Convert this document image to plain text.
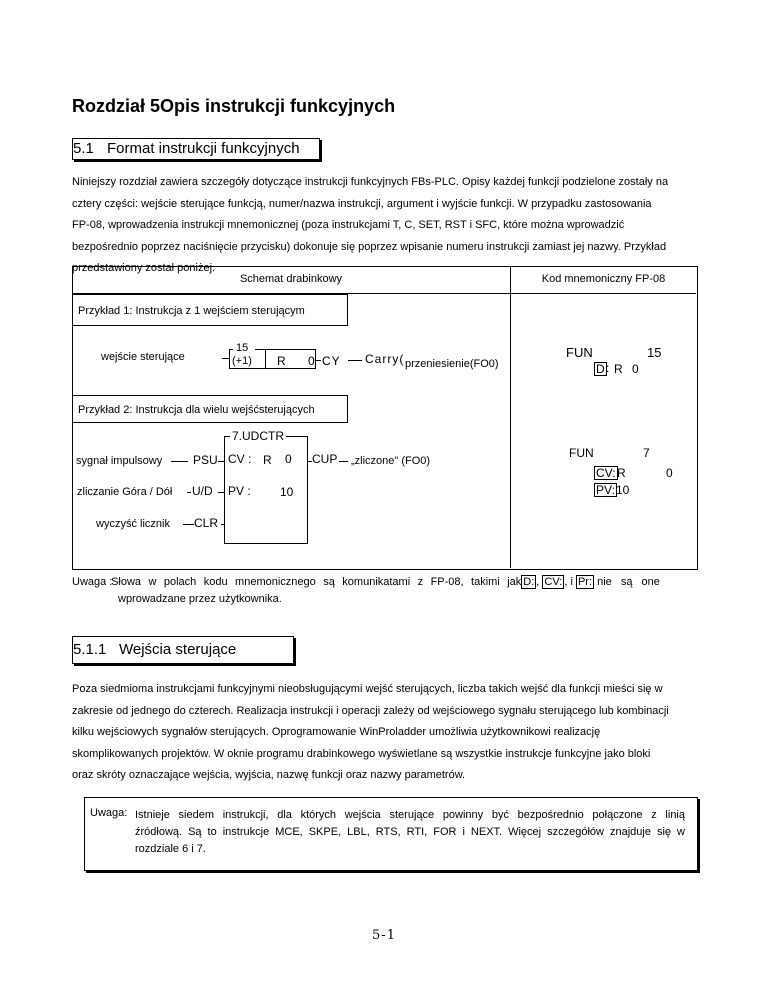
Rozdział 5Opis instrukcji funkcyjnych
5.1 Format instrukcji funkcyjnych
Niniejszy rozdział zawiera szczegóły dotyczące instrukcji funkcyjnych FBs-PLC. Opisy każdej funkcji podzielone zostały na
cztery części: wejście sterujące funkcją, numer/nazwa instrukcji, argument i wyjście funkcji. W przypadku zastosowania
FP-08, wprowadzenia instrukcji mnemonicznej (poza instrukcjami T, C, SET, RST i SFC, które można wprowadzić
bezpośrednio poprzez naciśnięcie przycisku) dokonuje się poprzez wpisanie numeru instrukcji zamiast jej nazwy. Przykład
przedstawiony został poniżej.
Schemat drabinkowy	Kod mnemoniczny FP-08
Przykład 1: Instrukcja z 1 wejściem sterującym
wejście sterujące
15
(+1) R 0 CY Carry( przeniesienie(FO0)
FUN	15
D : R 0
Przykład 2: Instrukcja dla wielu wejśćsterujących
7.UDCTR
sygnał impulsowy	PSU CV : R 0 CUP „zliczone" (FO0)
zliczanie Góra / Dół U/D PV : 10
wyczyść licznik CLR
FUN	7
CV: R	0
PV: 10
Uwaga : Słowa w polach kodu mnemonicznego są komunikatami z FP-08, takimi jak D: , CV: , i Pr: nie są one
wprowadzane przez użytkownika.
5.1.1 Wejścia sterujące
Poza siedmioma instrukcjami funkcyjnymi nieobsługującymi wejść sterujących, liczba takich wejść dla funkcji mieści się w
zakresie od jednego do czterech. Realizacja instrukcji i operacji zależy od wejściowego sygnału sterującego lub kombinacji
kilku wejściowych sygnałów sterujących. Oprogramowanie WinProladder umożliwia użytkownikowi realizację
skomplikowanych projektów. W oknie programu drabinkowego wyświetlane są wszystkie instrukcje funkcyjne jako bloki
oraz skróty oznaczające wejścia, wyjścia, nazwę funkcji oraz nazwy parametrów.
Uwaga: Istnieje siedem instrukcji, dla których wejścia sterujące powinny być bezpośrednio połączone z linią
źródłową. Są to instrukcje MCE, SKPE, LBL, RTS, RTI, FOR i NEXT. Więcej szczegółów znajduje się w
rozdziale 6 i 7.
5-1
